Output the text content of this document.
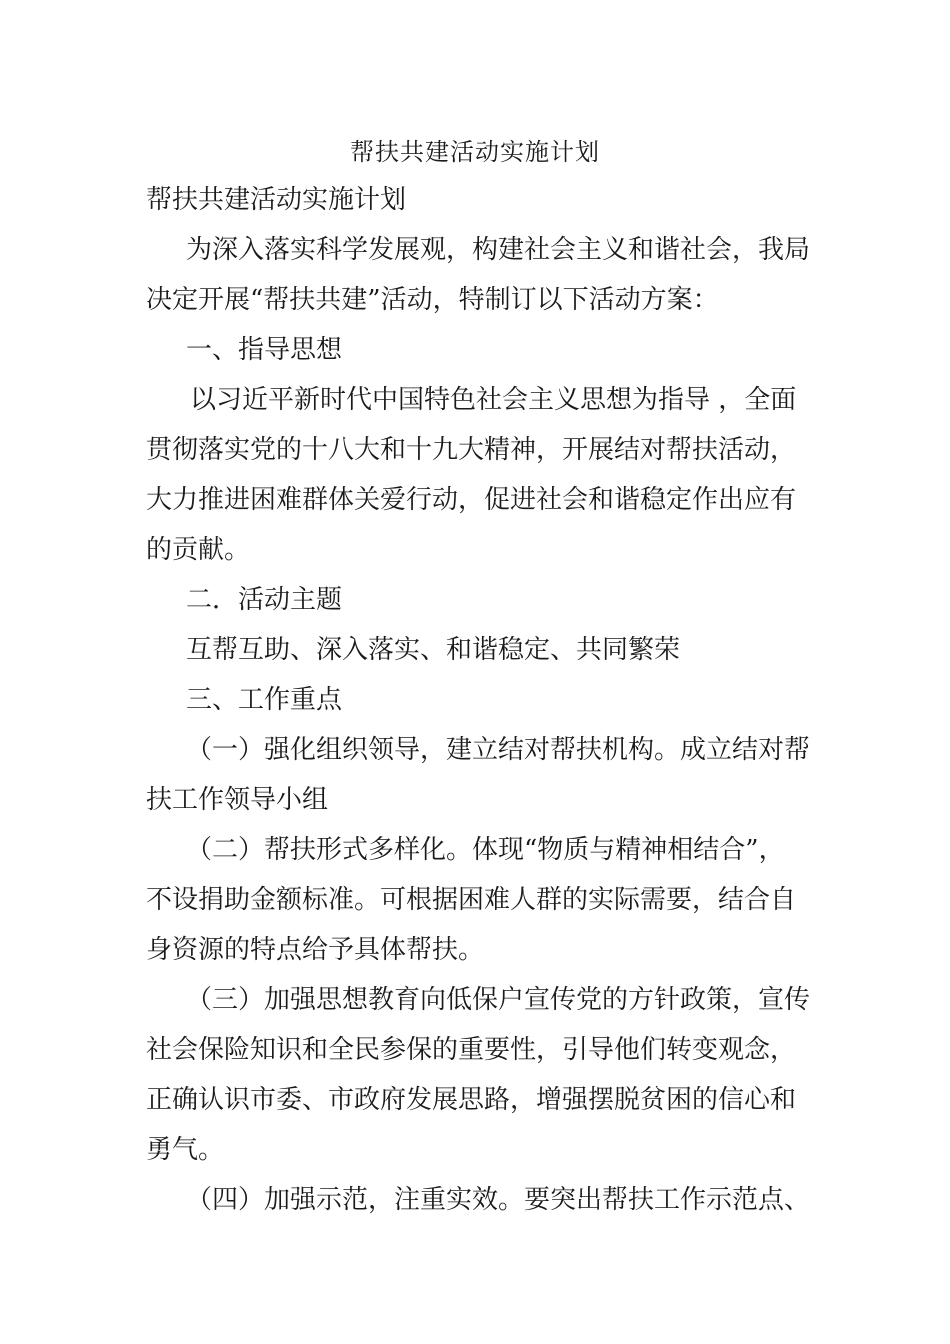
帮扶共建活动实施计划
帮扶共建活动实施计划
为深入落实科学发展观，构建社会主义和谐社会，我局
决定开展“帮扶共建”活动，特制订以下活动方案：
一、指导思想
以习近平新时代中国特色社会主义思想为指导 ，全面
贯彻落实党的十八大和十九大精神，开展结对帮扶活动，
大力推进困难群体关爱行动，促进社会和谐稳定作出应有
的贡献。
二．活动主题
互帮互助、深入落实、和谐稳定、共同繁荣
三、工作重点
（一）强化组织领导，建立结对帮扶机构。成立结对帮
扶工作领导小组
（二）帮扶形式多样化。体现“物质与精神相结合”，
不设捐助金额标准。可根据困难人群的实际需要，结合自
身资源的特点给予具体帮扶。
（三）加强思想教育向低保户宣传党的方针政策，宣传
社会保险知识和全民参保的重要性，引导他们转变观念，
正确认识市委、市政府发展思路，增强摆脱贫困的信心和
勇气。
（四）加强示范，注重实效。要突出帮扶工作示范点、
